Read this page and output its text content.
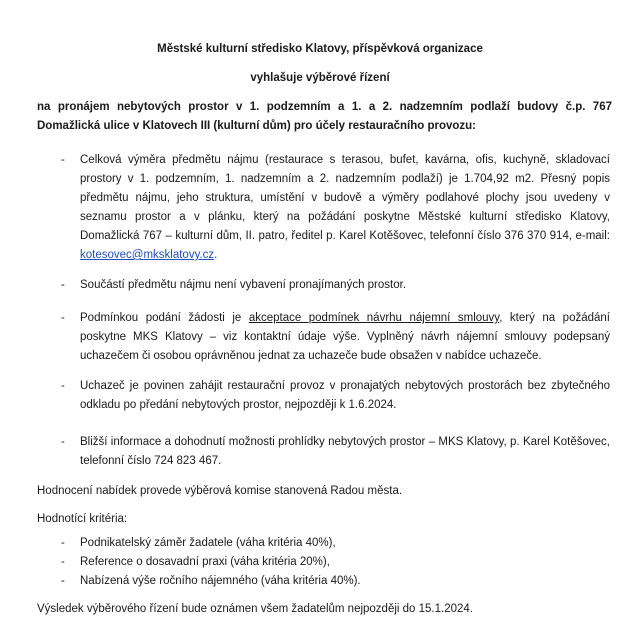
Městské kulturní středisko Klatovy, příspěvková organizace
vyhlašuje výběrové řízení
na pronájem nebytových prostor v 1. podzemním a 1. a 2. nadzemním podlaží budovy č.p. 767 Domažlická ulice v Klatovech III (kulturní dům) pro účely restauračního provozu:
- Celková výměra předmětu nájmu (restaurace s terasou, bufet, kavárna, ofis, kuchyně, skladovací prostory v 1. podzemním, 1. nadzemním a 2. nadzemním podlaží) je 1.704,92 m2. Přesný popis předmětu nájmu, jeho struktura, umístění v budově a výměry podlahové plochy jsou uvedeny v seznamu prostor a v plánku, který na požádání poskytne Městské kulturní středisko Klatovy, Domažlická 767 – kulturní dům, II. patro, ředitel p. Karel Kotěšovec, telefonní číslo 376 370 914, e-mail: kotesovec@mksklatovy.cz.
- Součástí předmětu nájmu není vybavení pronajímaných prostor.
- Podmínkou podání žádosti je akceptace podmínek návrhu nájemní smlouvy, který na požádání poskytne MKS Klatovy – viz kontaktní údaje výše. Vyplněný návrh nájemní smlouvy podepsaný uchazečem či osobou oprávněnou jednat za uchazeče bude obsažen v nabídce uchazeče.
- Uchazeč je povinen zahájit restaurační provoz v pronajatých nebytových prostorách bez zbytečného odkladu po předání nebytových prostor, nejpozději k 1.6.2024.
- Bližší informace a dohodnutí možnosti prohlídky nebytových prostor – MKS Klatovy, p. Karel Kotěšovec, telefonní číslo 724 823 467.
Hodnocení nabídek provede výběrová komise stanovená Radou města.
Hodnotící kritéria:
- Podnikatelský záměr žadatele (váha kritéria 40%),
- Reference o dosavadní praxi (váha kritéria 20%),
- Nabízená výše ročního nájemného (váha kritéria 40%).
Výsledek výběrového řízení bude oznámen všem žadatelům nejpozději do 15.1.2024.
